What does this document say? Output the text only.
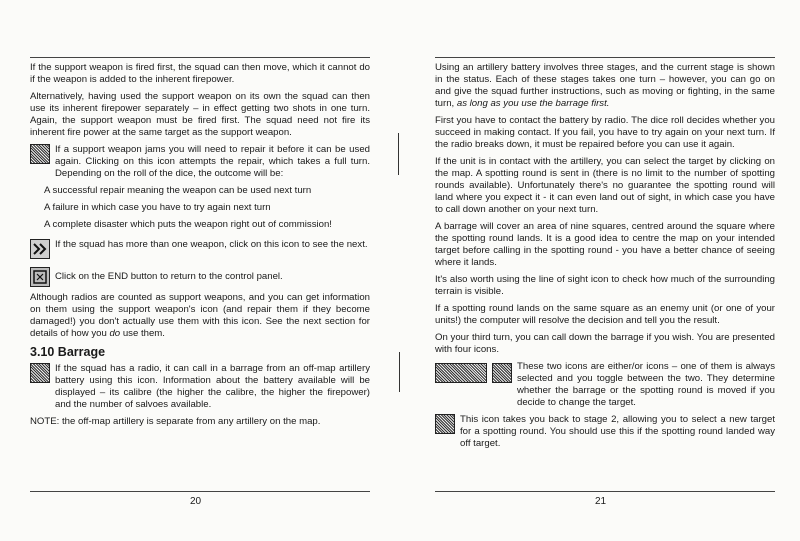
If the support weapon is fired first, the squad can then move, which it cannot do if the weapon is added to the inherent firepower.

Alternatively, having used the support weapon on its own the squad can then use its inherent firepower separately – in effect getting two shots in one turn. Again, the support weapon must be fired first. The squad need not fire its inherent fire power at the same target as the support weapon.

If a support weapon jams you will need to repair it before it can be used again. Clicking on this icon attempts the repair, which takes a full turn. Depending on the roll of the dice, the outcome will be:
A successful repair meaning the weapon can be used next turn
A failure in which case you have to try again next turn
A complete disaster which puts the weapon right out of commission!
If the squad has more than one weapon, click on this icon to see the next.
Click on the END button to return to the control panel.

Although radios are counted as support weapons, and you can get information on them using the support weapon's icon (and repair them if they become damaged!) you don't actually use them with this icon. See the next section for details of how you do use them.

3.10 Barrage
If the squad has a radio, it can call in a barrage from an off-map artillery battery using this icon. Information about the battery available will be displayed – its calibre (the higher the calibre, the higher the firepower) and the number of salvoes available.

NOTE: the off-map artillery is separate from any artillery on the map.

20

Using an artillery battery involves three stages, and the current stage is shown in the status. Each of these stages takes one turn – however, you can go on and give the squad further instructions, such as moving or fighting, in the same turn, as long as you use the barrage first.

First you have to contact the battery by radio. The dice roll decides whether you succeed in making contact. If you fail, you have to try again on your next turn. If the radio breaks down, it must be repaired before you can use it again.

If the unit is in contact with the artillery, you can select the target by clicking on the map. A spotting round is sent in (there is no limit to the number of spotting rounds available). Unfortunately there's no guarantee the spotting round will land where you expect it - it can even land out of sight, in which case you have to call down another on your next turn.

A barrage will cover an area of nine squares, centred around the square where the spotting round lands. It is a good idea to centre the map on your intended target before calling in the spotting round - you have a better chance of seeing where it lands.

It's also worth using the line of sight icon to check how much of the surrounding terrain is visible.

If a spotting round lands on the same square as an enemy unit (or one of your units!) the computer will resolve the decision and tell you the result.

On your third turn, you can call down the barrage if you wish. You are presented with four icons.

These two icons are either/or icons – one of them is always selected and you toggle between the two. They determine whether the barrage or the spotting round is moved if you decide to change the target.
This icon takes you back to stage 2, allowing you to select a new target for a spotting round. You should use this if the spotting round landed way off target.
21
